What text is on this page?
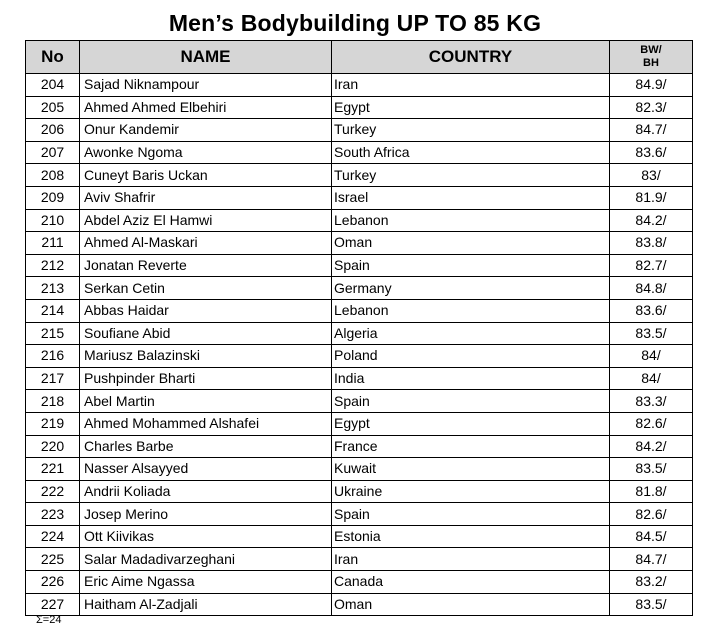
Men’s Bodybuilding UP TO 85 KG
No	NAME	COUNTRY	BW/
BH
204	Sajad Niknampour	Iran	84.9/
205	Ahmed Ahmed Elbehiri	Egypt	82.3/
206	Onur Kandemir	Turkey	84.7/
207	Awonke Ngoma	South Africa	83.6/
208	Cuneyt Baris Uckan	Turkey	83/
209	Aviv Shafrir	Israel	81.9/
210	Abdel Aziz El Hamwi	Lebanon	84.2/
211	Ahmed Al-Maskari	Oman	83.8/
212	Jonatan Reverte	Spain	82.7/
213	Serkan Cetin	Germany	84.8/
214	Abbas Haidar	Lebanon	83.6/
215	Soufiane Abid	Algeria	83.5/
216	Mariusz Balazinski	Poland	84/
217	Pushpinder Bharti	India	84/
218	Abel Martin	Spain	83.3/
219	Ahmed Mohammed Alshafei	Egypt	82.6/
220	Charles Barbe	France	84.2/
221	Nasser Alsayyed	Kuwait	83.5/
222	Andrii Koliada	Ukraine	81.8/
223	Josep Merino	Spain	82.6/
224	Ott Kiivikas	Estonia	84.5/
225	Salar Madadivarzeghani	Iran	84.7/
226	Eric Aime Ngassa	Canada	83.2/
227	Haitham Al-Zadjali	Oman	83.5/
Σ=24
